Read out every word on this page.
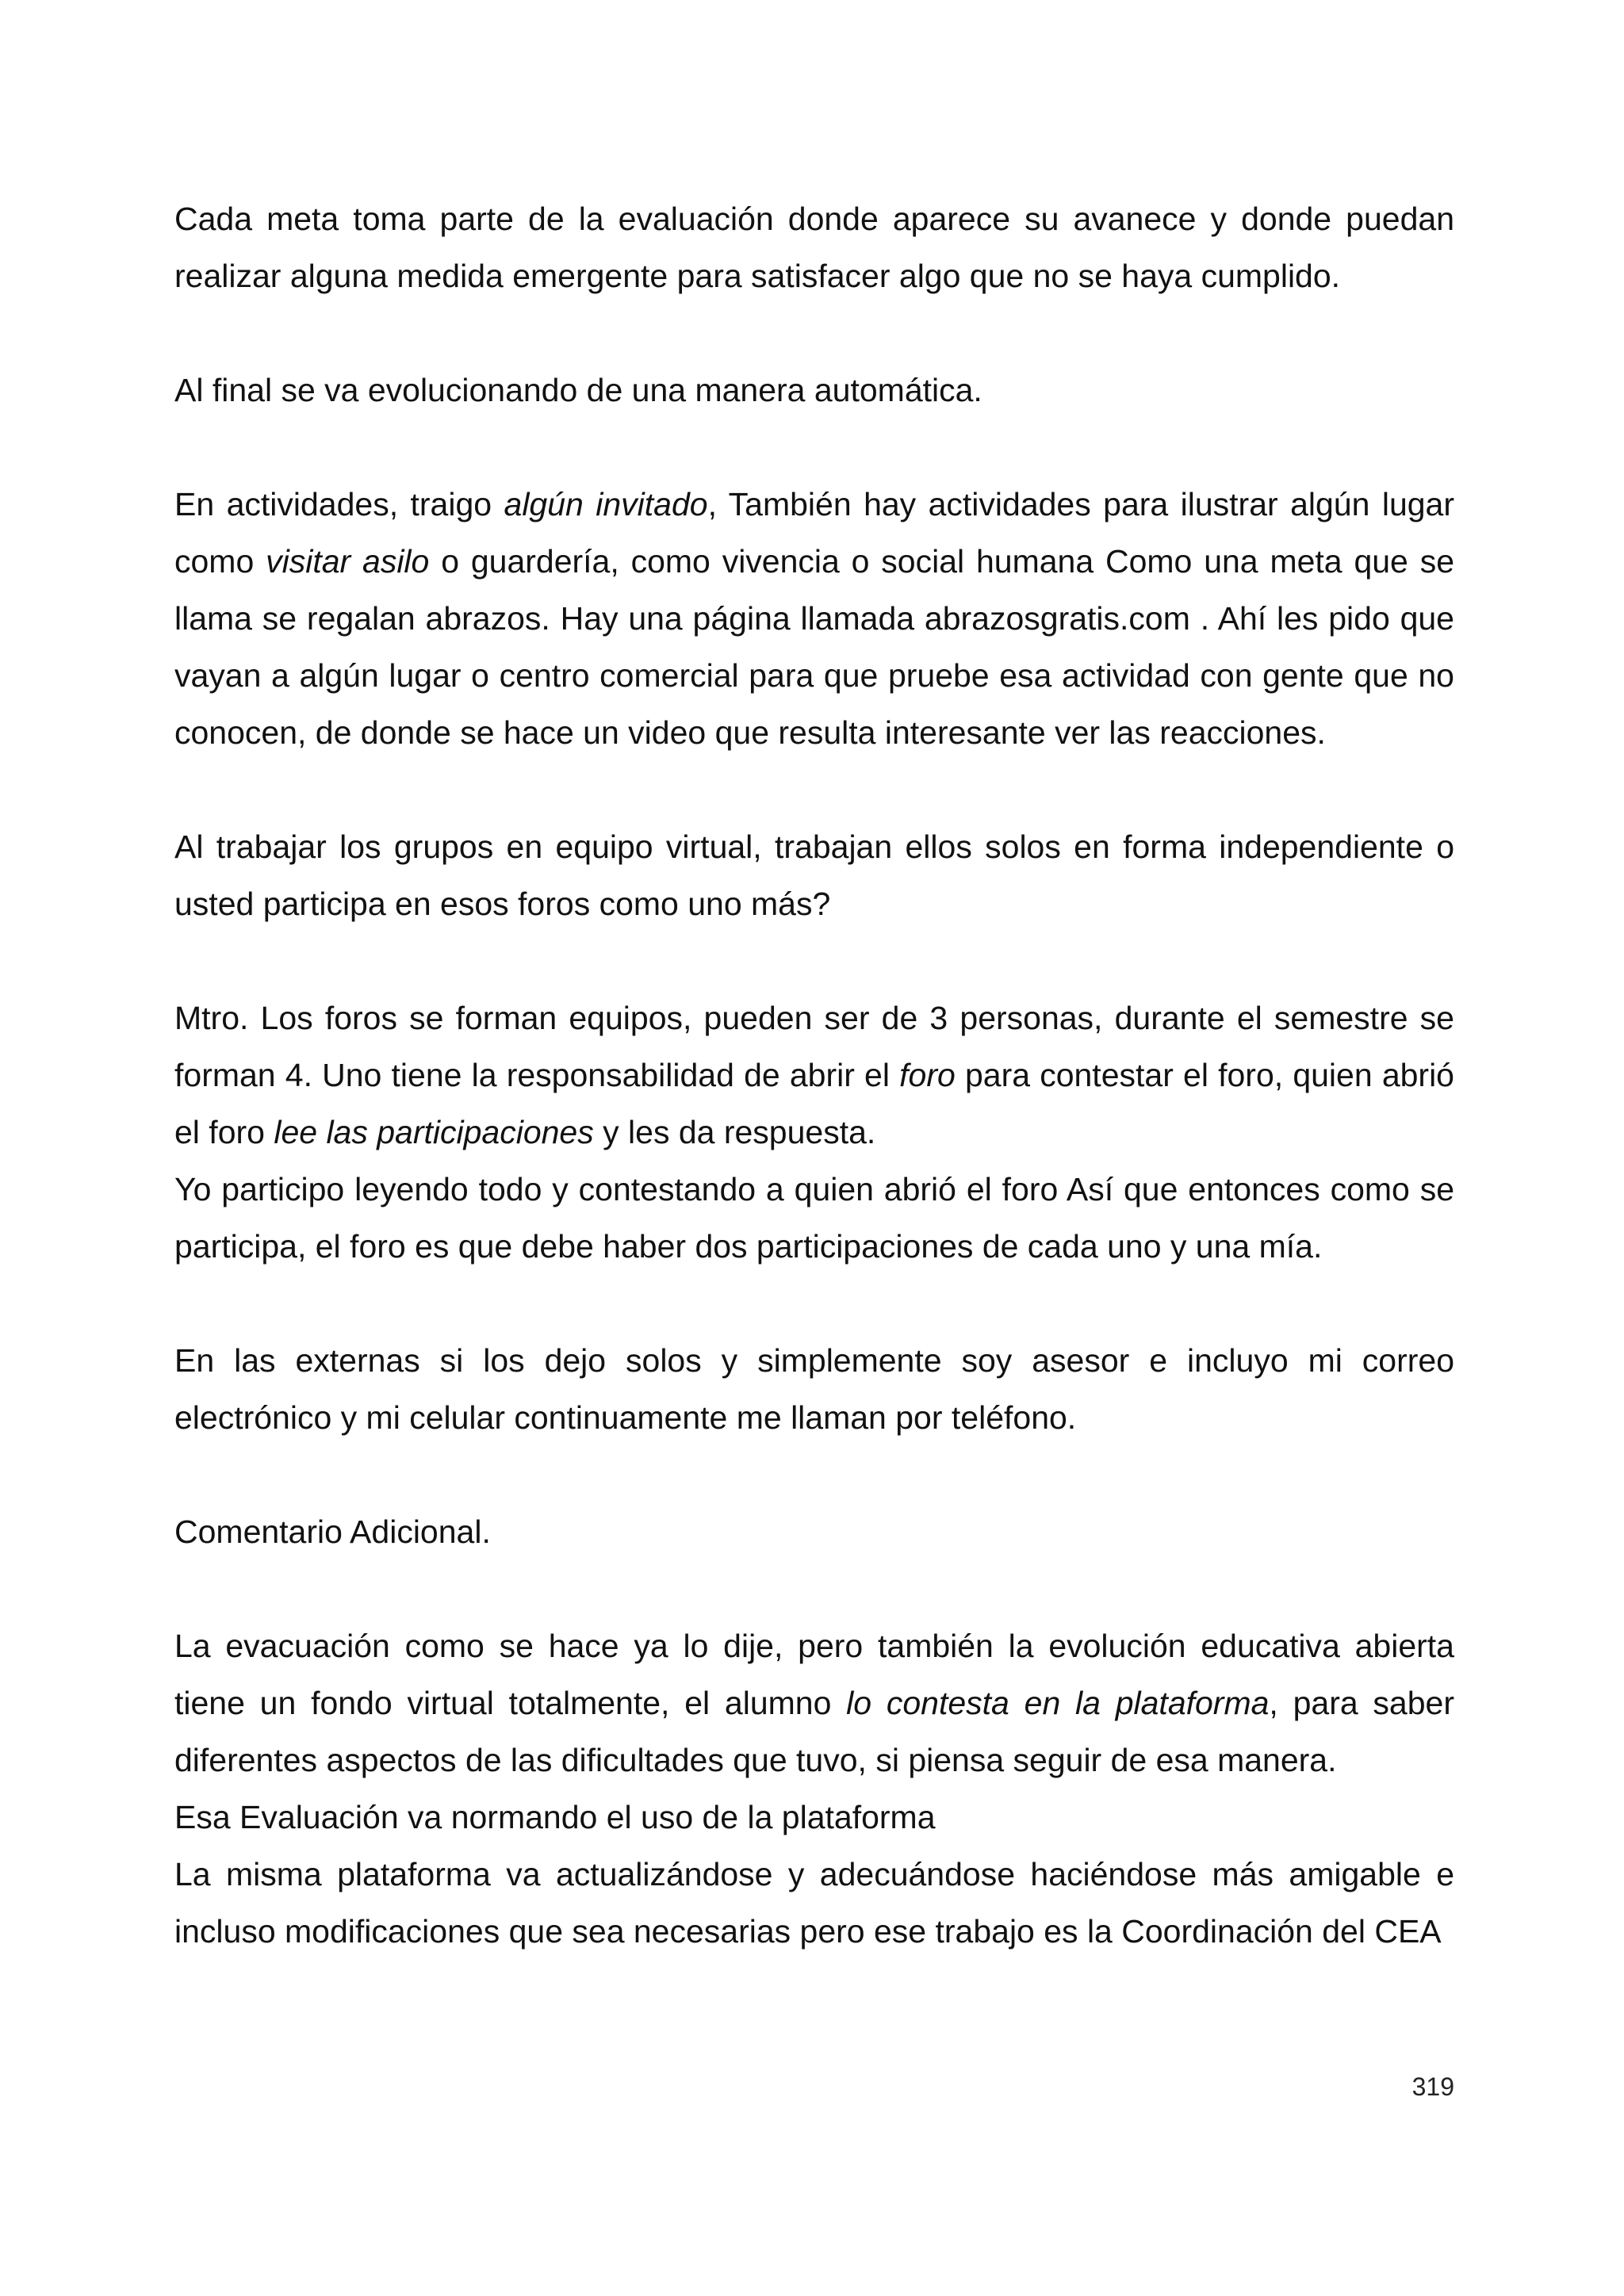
Cada meta toma parte de la evaluación donde aparece su avanece y donde puedan realizar alguna medida emergente para satisfacer algo que no se haya cumplido.

Al final se va evolucionando de una manera automática.

En actividades, traigo algún invitado, También hay actividades para ilustrar algún lugar como visitar asilo o guardería, como vivencia o social humana Como una meta que se llama se regalan abrazos. Hay una página llamada abrazosgratis.com . Ahí les pido que vayan a algún lugar o centro comercial para que pruebe esa actividad con gente que no conocen, de donde se hace un video que resulta interesante ver las reacciones.

Al trabajar los grupos en equipo virtual, trabajan ellos solos en forma independiente o usted participa en esos foros como uno más?

Mtro. Los foros se forman equipos, pueden ser de 3 personas, durante el semestre se forman 4. Uno tiene la responsabilidad de abrir el foro para contestar el foro, quien abrió el foro lee las participaciones y les da respuesta.

Yo participo leyendo todo y contestando a quien abrió el foro Así que entonces como se participa, el foro es que debe haber dos participaciones de cada uno y una mía.

En las externas si los dejo solos y simplemente soy asesor e incluyo mi correo electrónico y mi celular continuamente me llaman por teléfono.

Comentario Adicional.

La evacuación como se hace ya lo dije, pero también la evolución educativa abierta tiene un fondo virtual totalmente, el alumno lo contesta en la plataforma, para saber diferentes aspectos de las dificultades que tuvo, si piensa seguir de esa manera.

Esa Evaluación va normando el uso de la plataforma

La misma plataforma va actualizándose y adecuándose haciéndose más amigable e incluso modificaciones que sea necesarias pero ese trabajo es la Coordinación del CEA

319
